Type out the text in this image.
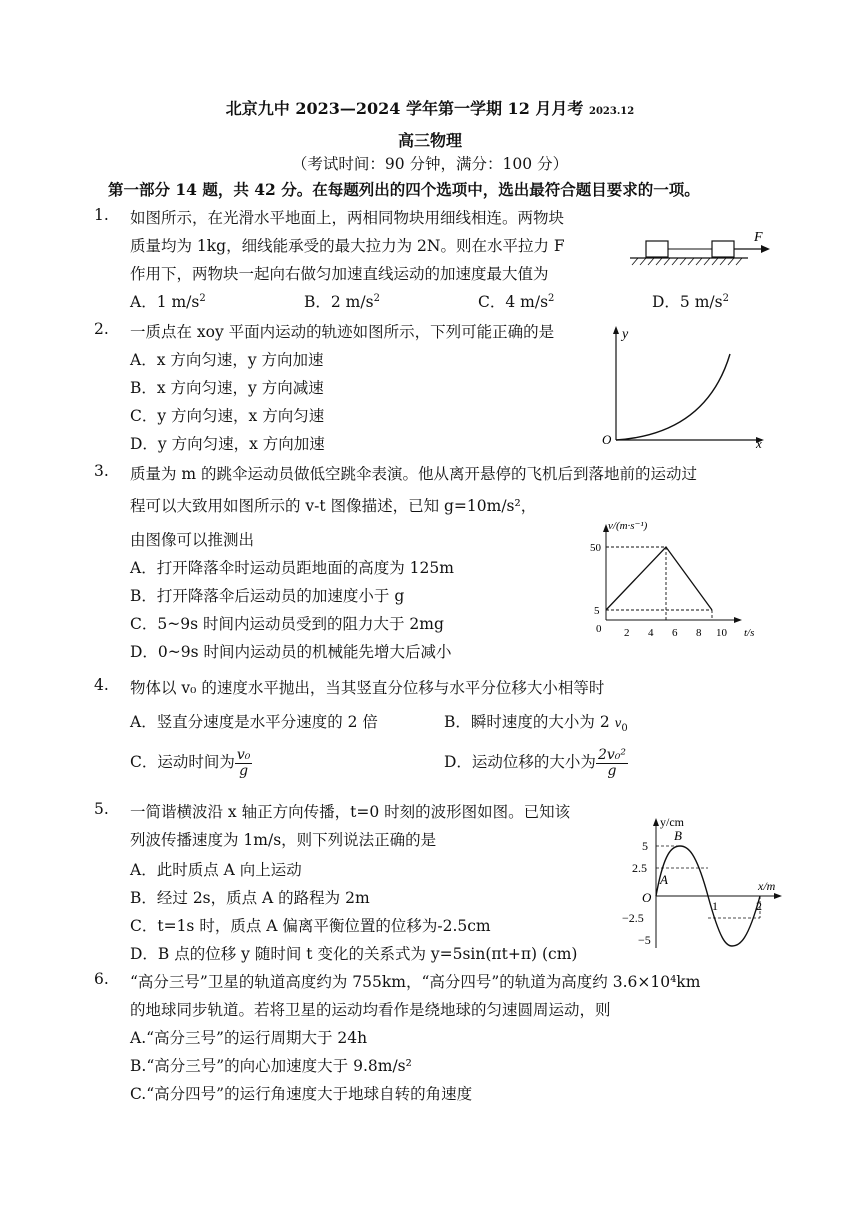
北京九中 2023—2024 学年第一学期 12 月月考 2023.12
高三物理
（考试时间：90 分钟，满分：100 分）
第一部分 14 题，共 42 分。在每题列出的四个选项中，选出最符合题目要求的一项。
1. 如图所示，在光滑水平地面上，两相同物块用细线相连。两物块
质量均为 1kg，细线能承受的最大拉力为 2N。则在水平拉力 F
作用下，两物块一起向右做匀加速直线运动的加速度最大值为
F
A．1 $m/s^2$	B．2 $m/s^2$	C．4 $m/s^2$	D．5 $m/s^2$
2. 一质点在 xoy 平面内运动的轨迹如图所示，下列可能正确的是
A．x 方向匀速，y 方向加速
B．x 方向匀速，y 方向减速
C．y 方向匀速，x 方向匀速
D．y 方向匀速，x 方向加速
y
O	x
3. 质量为 m 的跳伞运动员做低空跳伞表演。他从离开悬停的飞机后到落地前的运动过
程可以大致用如图所示的 v-t 图像描述，已知 g=10m/s²，
由图像可以推测出
A．打开降落伞时运动员距地面的高度为 125m
B．打开降落伞后运动员的加速度小于 g
C．5~9s 时间内运动员受到的阻力大于 2mg
D．0~9s 时间内运动员的机械能先增大后减小
v/(m·s⁻¹)
t/s
50
5
0 2 4 6 8 10
4. 物体以 v₀ 的速度水平抛出，当其竖直分位移与水平分位移大小相等时
A．竖直分速度是水平分速度的 2 倍	B．瞬时速度的大小为 2 $v_0$
C．运动时间为 $\frac{\text{v₀}}{g}$	D．运动位移的大小为 $\frac{\text{2v₀²}}{g}$
5. 一简谐横波沿 x 轴正方向传播，t=0 时刻的波形图如图。已知该
列波传播速度为 1m/s，则下列说法正确的是
A．此时质点 A 向上运动
B．经过 2s，质点 A 的路程为 2m
C．t=1s 时，质点 A 偏离平衡位置的位移为-2.5cm
D．B 点的位移 y 随时间 t 变化的关系式为 y=5sin(πt+π) (cm)
y/cm
x/m
B
A
O
5
2.5
−2.5
−5
1	2
6. “高分三号”卫星的轨道高度约为 755km，“高分四号”的轨道为高度约 3.6×10⁴km
的地球同步轨道。若将卫星的运动均看作是绕地球的匀速圆周运动，则
A.“高分三号”的运行周期大于 24h
B.“高分三号”的向心加速度大于 9.8m/s²
C.“高分四号”的运行角速度大于地球自转的角速度
